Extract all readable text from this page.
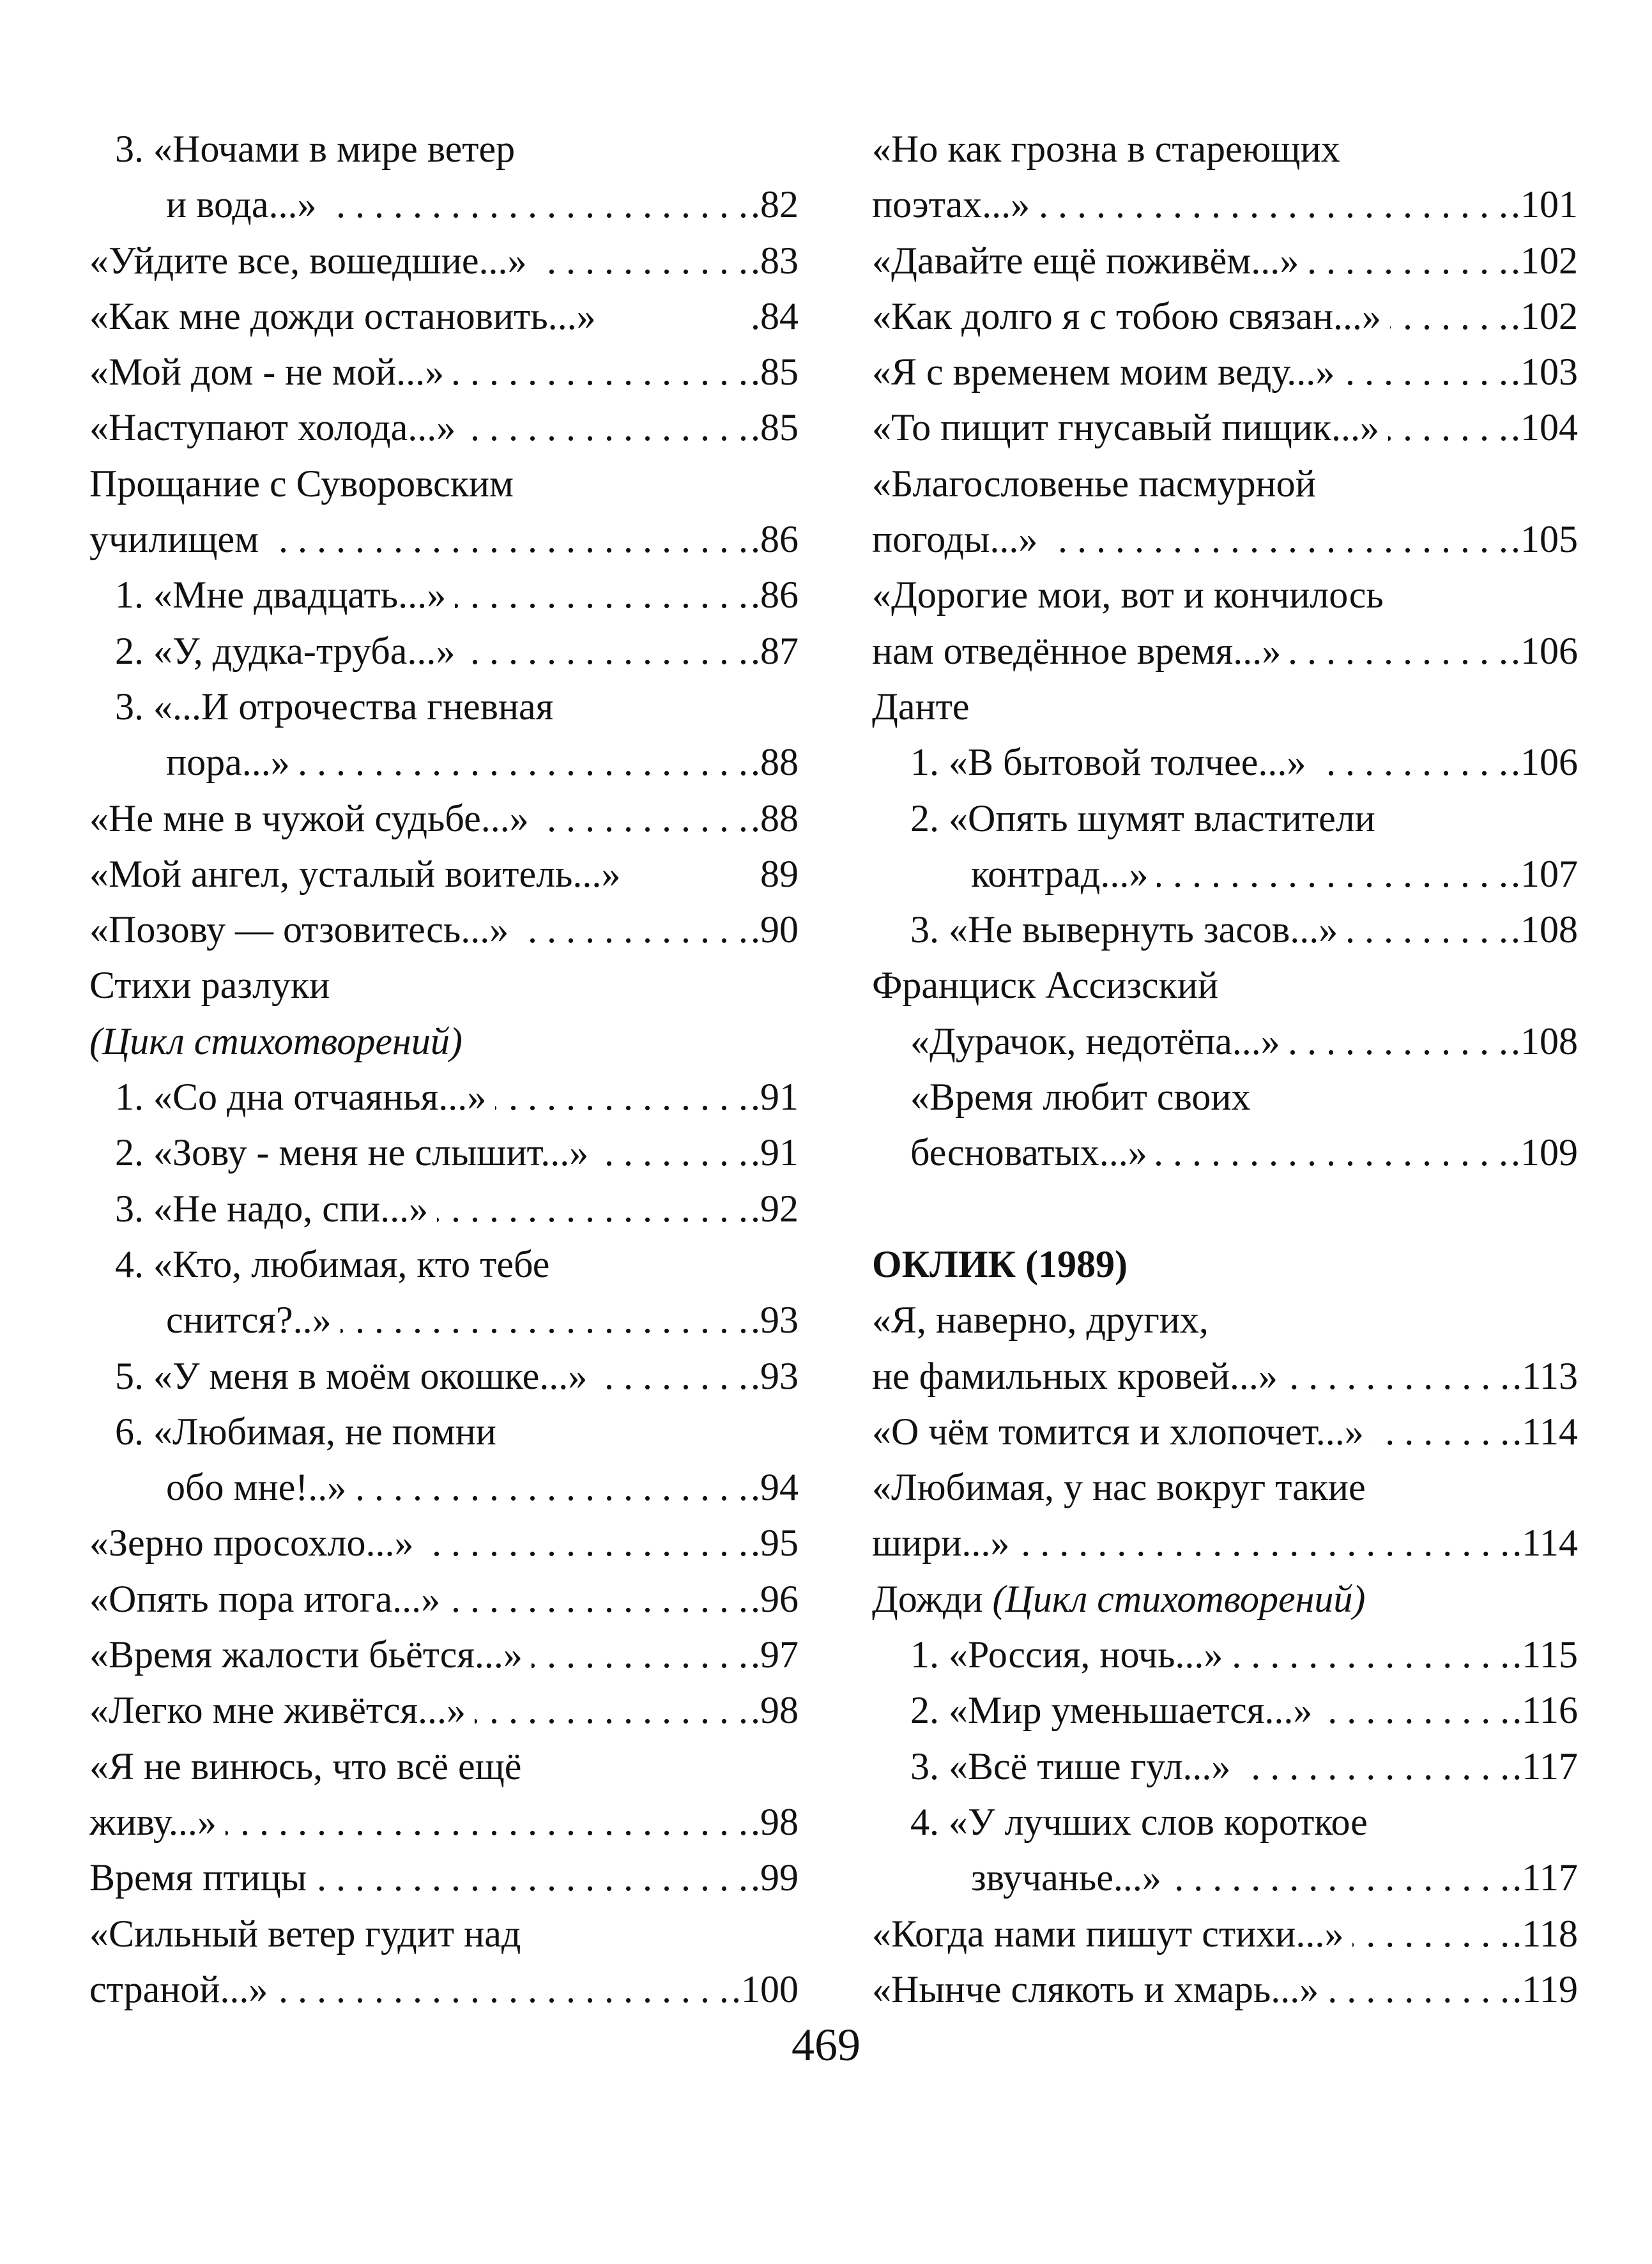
3. «Ночами в мире ветер
и вода...» . . .	.82
«Уйдите все, вошедшие...» . . .	.83
«Как мне дожди остановить...»	.84
«Мой дом - не мой...» . . .	.85
«Наступают холода...» . . .	.85
Прощание с Суворовским
училищем . . .	.86
1. «Мне двадцать...» . . .	.86
2. «У, дудка-труба...» . . .	.87
3. «...И отрочества гневная
пора...» . . .	.88
«Не мне в чужой судьбе...» . . .	.88
«Мой ангел, усталый воитель...»	89
«Позову — отзовитесь...» . . .	.90
Стихи разлуки
(Цикл стихотворений)
1. «Со дна отчаянья...» . . .	.91
2. «Зову - меня не слышит...» . . .	.91
3. «Не надо, спи...» . . .	.92
4. «Кто, любимая, кто тебе
снится?..» . . .	.93
5. «У меня в моём окошке...» . . .	.93
6. «Любимая, не помни
обо мне!..» . . .	.94
«Зерно просохло...» . . .	.95
«Опять пора итога...» . . .	.96
«Время жалости бьётся...» . . .	.97
«Легко мне живётся...» . . .	.98
«Я не винюсь, что всё ещё
живу...» . . .	.98
Время птицы . . .	.99
«Сильный ветер гудит над
страной...» . . .	.100
«Но как грозна в стареющих
поэтах...» . . .	.101
«Давайте ещё поживём...» . . .	.102
«Как долго я с тобою связан...» . . .	.102
«Я с временем моим веду...» . . .	.103
«То пищит гнусавый пищик...» . . .	.104
«Благословенье пасмурной
погоды...» . . .	.105
«Дорогие мои, вот и кончилось
нам отведённое время...» . . .	.106
Данте
1. «В бытовой толчее...» . . .	.106
2. «Опять шумят властители
контрад...» . . .	.107
3. «Не вывернуть засов...» . . .	.108
Франциск Ассизский
«Дурачок, недотёпа...» . . .	.108
«Время любит своих
бесноватых...» . . .	.109
ОКЛИК (1989)
«Я, наверно, других,
не фамильных кровей...» . . .	.113
«О чём томится и хлопочет...» . . .	.114
«Любимая, у нас вокруг такие
шири...» . . .	.114
Дожди (Цикл стихотворений)
1. «Россия, ночь...» . . .	.115
2. «Мир уменьшается...» . . .	.116
3. «Всё тише гул...» . . .	.117
4. «У лучших слов короткое
звучанье...» . . .	.117
«Когда нами пишут стихи...» . . .	.118
«Нынче слякоть и хмарь...» . . .	.119
469
